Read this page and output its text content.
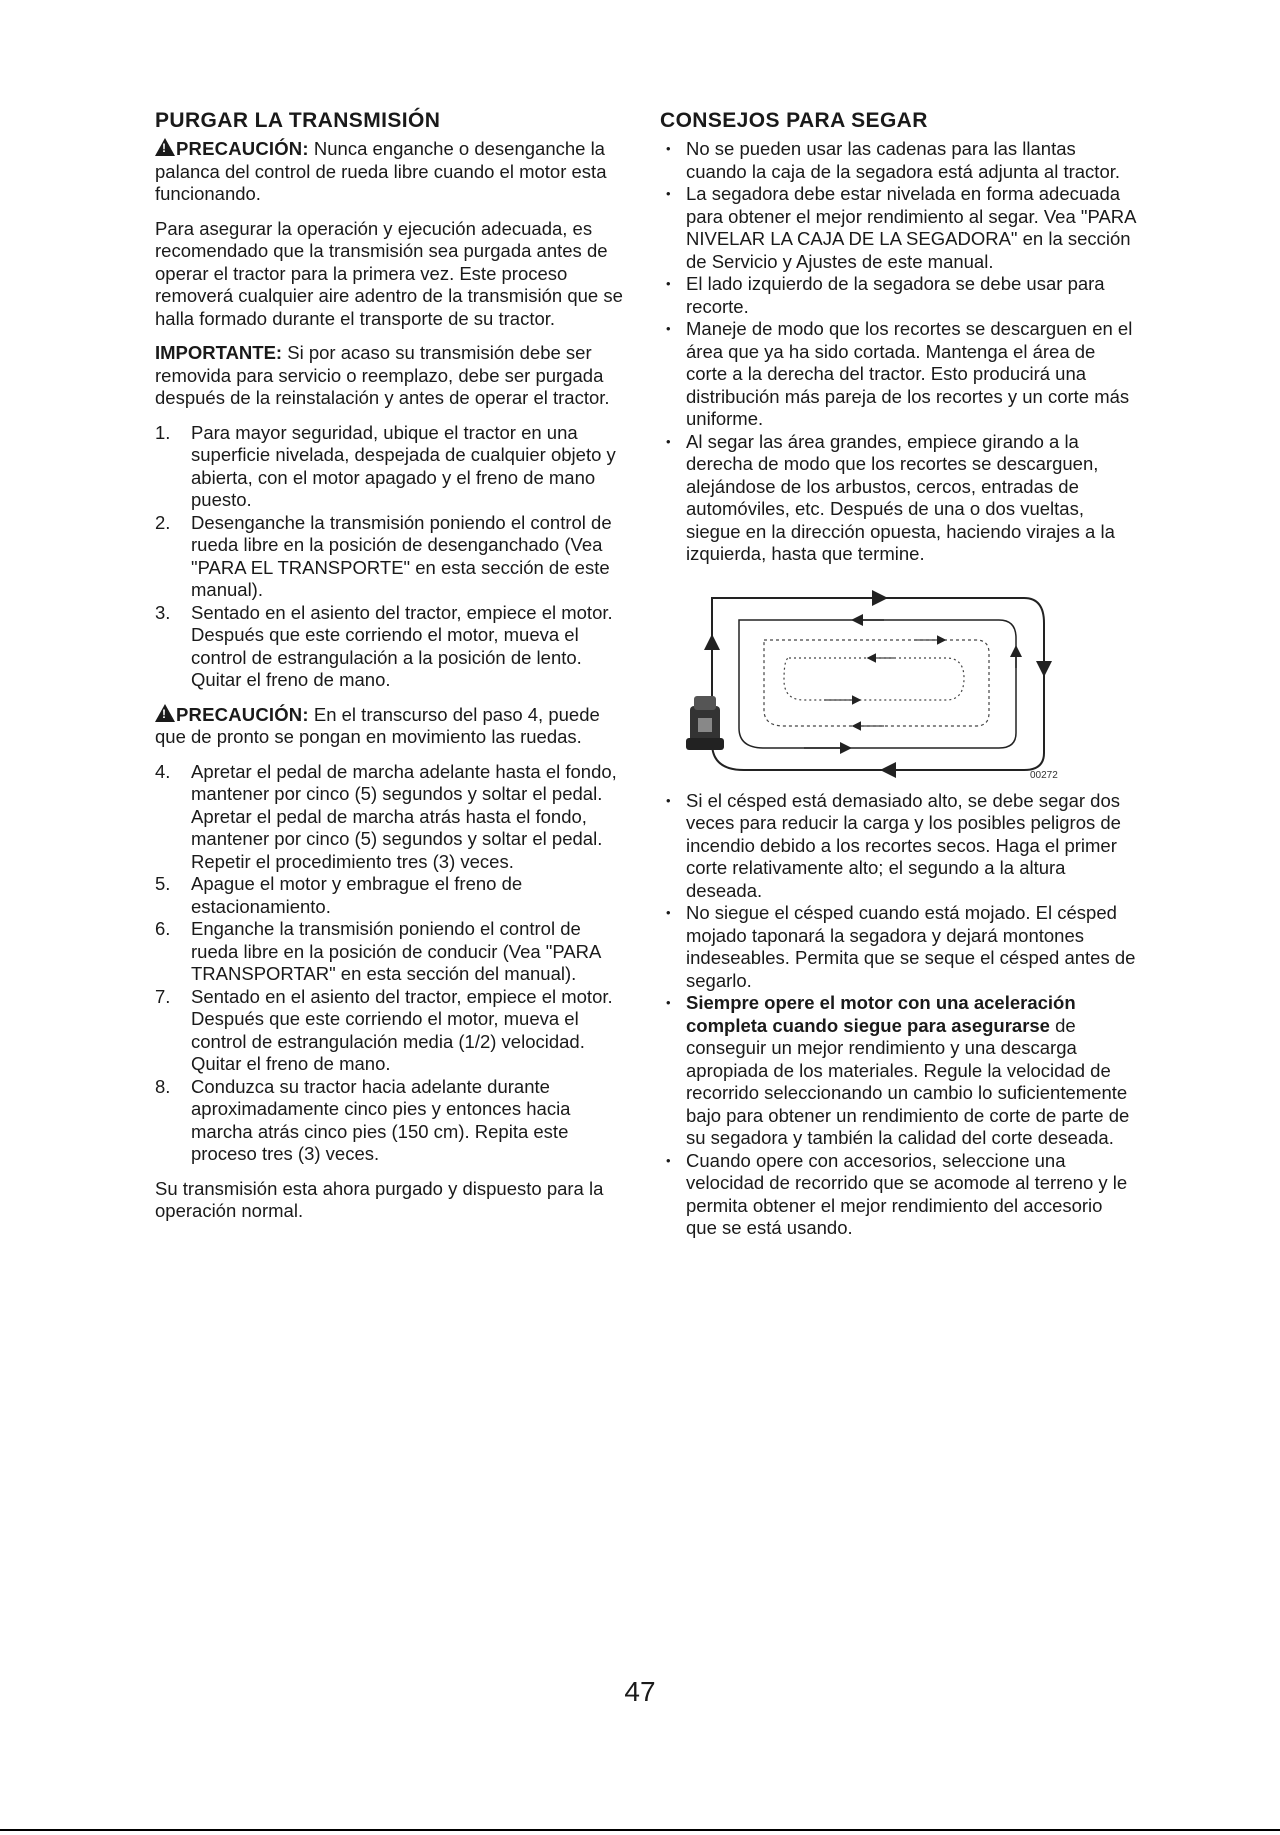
PURGAR LA TRANSMISIÓN

!PRECAUCIÓN: Nunca enganche o desenganche la palanca del control de rueda libre cuando el motor esta funcionando.

Para asegurar la operación y ejecución adecuada, es recomendado que la transmisión sea purgada antes de operar el tractor para la primera vez. Este proceso removerá cualquier aire adentro de la transmisión que se halla formado durante el transporte de su tractor.

IMPORTANTE: Si por acaso su transmisión debe ser removida para servicio o reemplazo, debe ser purgada después de la reinstalación y antes de operar el tractor.

1. Para mayor seguridad, ubique el tractor en una superficie nivelada, despejada de cualquier objeto y abierta, con el motor apagado y el freno de mano puesto.
2. Desenganche la transmisión poniendo el control de rueda libre en la posición de desenganchado (Vea "PARA EL TRANSPORTE" en esta sección de este manual).
3. Sentado en el asiento del tractor, empiece el motor. Después que este corriendo el motor, mueva el control de estrangulación a la posición de lento. Quitar el freno de mano.

!PRECAUCIÓN: En el transcurso del paso 4, puede que de pronto se pongan en movimiento las ruedas.

4. Apretar el pedal de marcha adelante hasta el fondo, mantener por cinco (5) segundos y soltar el pedal. Apretar el pedal de marcha atrás hasta el fondo, mantener por cinco (5) segundos y soltar el pedal. Repetir el procedimiento tres (3) veces.
5. Apague el motor y embrague el freno de estacionamiento.
6. Enganche la transmisión poniendo el control de rueda libre en la posición de conducir (Vea "PARA TRANSPORTAR" en esta sección del manual).
7. Sentado en el asiento del tractor, empiece el motor. Después que este corriendo el motor, mueva el control de estrangulación media (1/2) velocidad. Quitar el freno de mano.
8. Conduzca su tractor hacia adelante durante aproximadamente cinco pies y entonces hacia marcha atrás cinco pies (150 cm). Repita este proceso tres (3) veces.

Su transmisión esta ahora purgado y dispuesto para la operación normal.

CONSEJOS PARA SEGAR
• No se pueden usar las cadenas para las llantas cuando la caja de la segadora está adjunta al tractor.
• La segadora debe estar nivelada en forma adecuada para obtener el mejor rendimiento al segar. Vea "PARA NIVELAR LA CAJA DE LA SEGADORA" en la sección de Servicio y Ajustes de este manual.
• El lado izquierdo de la segadora se debe usar para recorte.
• Maneje de modo que los recortes se descarguen en el área que ya ha sido cortada. Mantenga el área de corte a la derecha del tractor. Esto producirá una distribución más pareja de los recortes y un corte más uniforme.
• Al segar las área grandes, empiece girando a la derecha de modo que los recortes se descarguen, alejándose de los arbustos, cercos, entradas de automóviles, etc. Después de una o dos vueltas, siegue en la dirección opuesta, haciendo virajes a la izquierda, hasta que termine.
00272
• Si el césped está demasiado alto, se debe segar dos veces para reducir la carga y los posibles peligros de incendio debido a los recortes secos. Haga el primer corte relativamente alto; el segundo a la altura deseada.
• No siegue el césped cuando está mojado. El césped mojado taponará la segadora y dejará montones indeseables. Permita que se seque el césped antes de segarlo.
• Siempre opere el motor con una aceleración completa cuando siegue para asegurarse de conseguir un mejor rendimiento y una descarga apropiada de los materiales. Regule la velocidad de recorrido seleccionando un cambio lo suficientemente bajo para obtener un rendimiento de corte de parte de su segadora y también la calidad del corte deseada.
• Cuando opere con accesorios, seleccione una velocidad de recorrido que se acomode al terreno y le permita obtener el mejor rendimiento del accesorio que se está usando.
47
